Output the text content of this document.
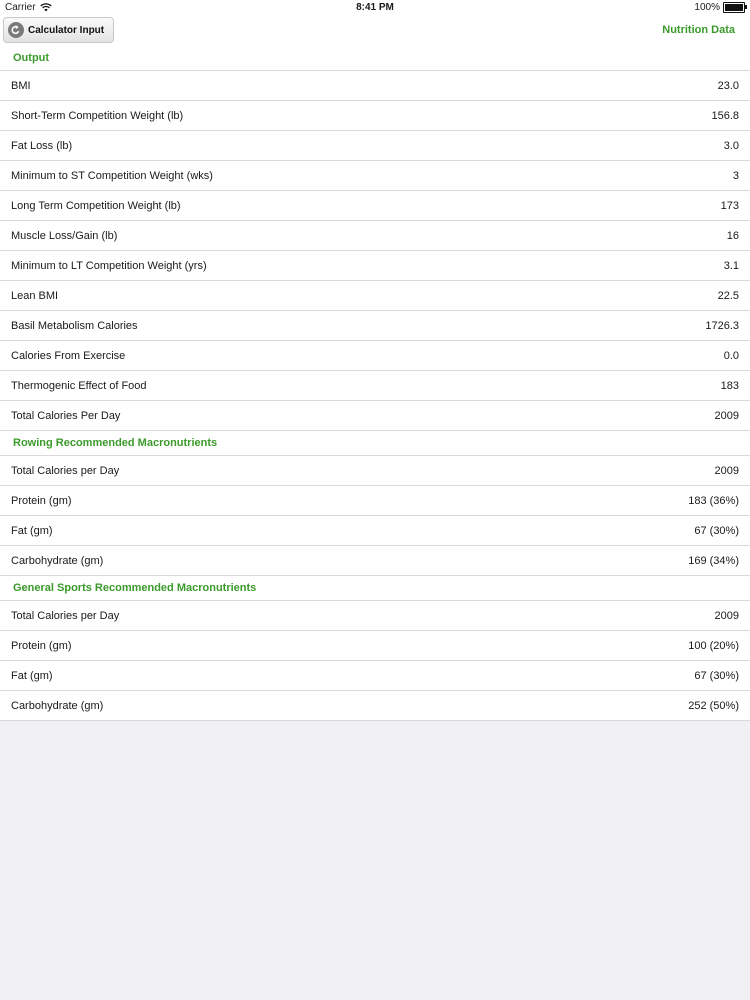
Carrier	8:41 PM	100%
Calculator Input	Nutrition Data
Output
BMI	23.0
Short-Term Competition Weight (lb)	156.8
Fat Loss (lb)	3.0
Minimum to ST Competition Weight (wks)	3
Long Term Competition Weight (lb)	173
Muscle Loss/Gain (lb)	16
Minimum to LT Competition Weight (yrs)	3.1
Lean BMI	22.5
Basil Metabolism Calories	1726.3
Calories From Exercise	0.0
Thermogenic Effect of Food	183
Total Calories Per Day	2009
Rowing Recommended Macronutrients
Total Calories per Day	2009
Protein (gm)	183 (36%)
Fat (gm)	67 (30%)
Carbohydrate (gm)	169 (34%)
General Sports Recommended Macronutrients
Total Calories per Day	2009
Protein (gm)	100 (20%)
Fat (gm)	67 (30%)
Carbohydrate (gm)	252 (50%)
